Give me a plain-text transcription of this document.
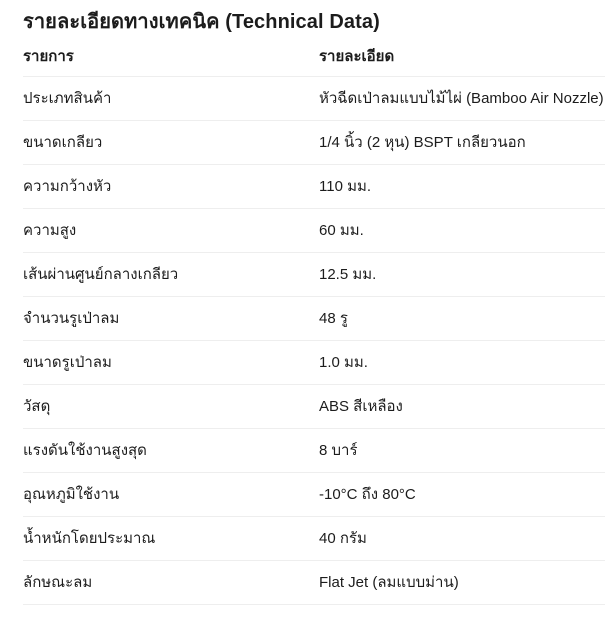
รายละเอียดทางเทคนิค (Technical Data)
รายการ	รายละเอียด
ประเภทสินค้า	หัวฉีดเป่าลมแบบไม้ไผ่ (Bamboo Air Nozzle)
ขนาดเกลียว	1/4 นิ้ว (2 หุน) BSPT เกลียวนอก
ความกว้างหัว	110 มม.
ความสูง	60 มม.
เส้นผ่านศูนย์กลางเกลียว	12.5 มม.
จำนวนรูเป่าลม	48 รู
ขนาดรูเป่าลม	1.0 มม.
วัสดุ	ABS สีเหลือง
แรงดันใช้งานสูงสุด	8 บาร์
อุณหภูมิใช้งาน	-10°C ถึง 80°C
น้ำหนักโดยประมาณ	40 กรัม
ลักษณะลม	Flat Jet (ลมแบบม่าน)
